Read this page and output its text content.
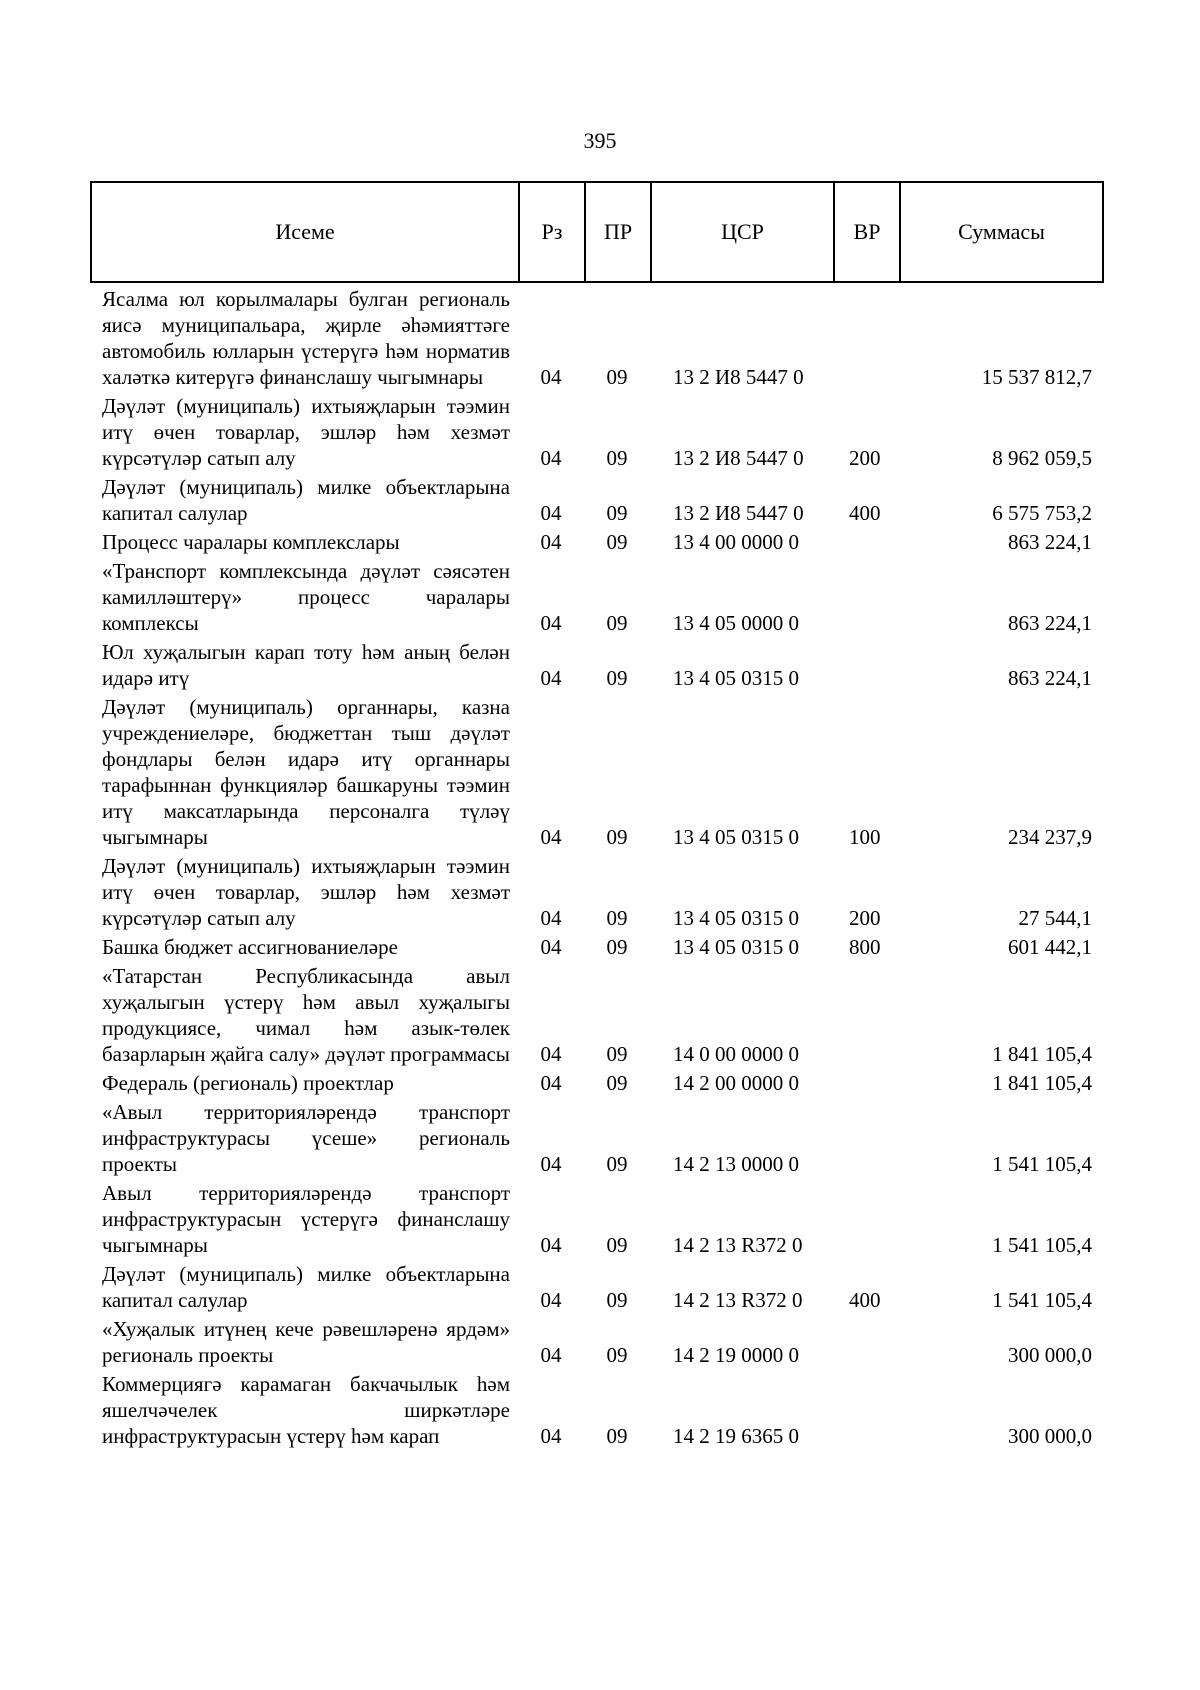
395
Исеме	Рз	ПР	ЦСР	ВР	Суммасы
Ясалма юл корылмалары булган региональ яисә муниципальара, җирле әһәмияттәге автомобиль юлларын үстерүгә һәм норматив халәткә китерүгә финанслашу чыгымнары	04	09	13 2 И8 5447 0		15 537 812,7
Дәүләт (муниципаль) ихтыяҗларын тәэмин итү өчен товарлар, эшләр һәм хезмәт күрсәтүләр сатып алу	04	09	13 2 И8 5447 0	200	8 962 059,5
Дәүләт (муниципаль) милке объектларына капитал салулар	04	09	13 2 И8 5447 0	400	6 575 753,2
Процесс чаралары комплекслары	04	09	13 4 00 0000 0		863 224,1
«Транспорт комплексында дәүләт сәясәтен камилләштерү» процесс чаралары комплексы	04	09	13 4 05 0000 0		863 224,1
Юл хуҗалыгын карап тоту һәм аның белән идарә итү	04	09	13 4 05 0315 0		863 224,1
Дәүләт (муниципаль) органнары, казна учреждениеләре, бюджеттан тыш дәүләт фондлары белән идарә итү органнары тарафыннан функцияләр башкаруны тәэмин итү максатларында персоналга түләү чыгымнары	04	09	13 4 05 0315 0	100	234 237,9
Дәүләт (муниципаль) ихтыяҗларын тәэмин итү өчен товарлар, эшләр һәм хезмәт күрсәтүләр сатып алу	04	09	13 4 05 0315 0	200	27 544,1
Башка бюджет ассигнованиеләре	04	09	13 4 05 0315 0	800	601 442,1
«Татарстан Республикасында авыл хуҗалыгын үстерү һәм авыл хуҗалыгы продукциясе, чимал һәм азык-төлек базарларын җайга салу» дәүләт программасы	04	09	14 0 00 0000 0		1 841 105,4
Федераль (региональ) проектлар	04	09	14 2 00 0000 0		1 841 105,4
«Авыл территорияләрендә транспорт инфраструктурасы үсеше» региональ проекты	04	09	14 2 13 0000 0		1 541 105,4
Авыл территорияләрендә транспорт инфраструктурасын үстерүгә финанслашу чыгымнары	04	09	14 2 13 R372 0		1 541 105,4
Дәүләт (муниципаль) милке объектларына капитал салулар	04	09	14 2 13 R372 0	400	1 541 105,4
«Хуҗалык итүнең кече рәвешләренә ярдәм» региональ проекты	04	09	14 2 19 0000 0		300 000,0
Коммерциягә карамаган бакчачылык һәм яшелчәчелек ширкәтләре инфраструктурасын үстерү һәм карап	04	09	14 2 19 6365 0		300 000,0
